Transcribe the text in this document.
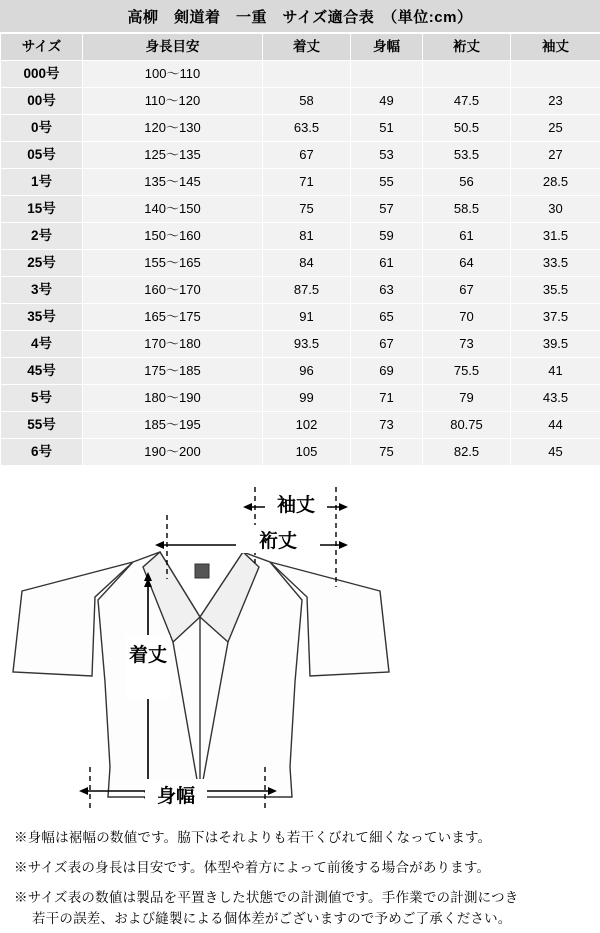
高柳　剣道着　一重　サイズ適合表　（単位:cm）
サイズ	身長目安	着丈	身幅	裄丈	袖丈
000号	100〜110				
00号	110〜120	58	49	47.5	23
0号	120〜130	63.5	51	50.5	25
05号	125〜135	67	53	53.5	27
1号	135〜145	71	55	56	28.5
15号	140〜150	75	57	58.5	30
2号	150〜160	81	59	61	31.5
25号	155〜165	84	61	64	33.5
3号	160〜170	87.5	63	67	35.5
35号	165〜175	91	65	70	37.5
4号	170〜180	93.5	67	73	39.5
45号	175〜185	96	69	75.5	41
5号	180〜190	99	71	79	43.5
55号	185〜195	102	73	80.75	44
6号	190〜200	105	75	82.5	45
袖丈
裄丈
着丈
身幅

※身幅は裾幅の数値です。脇下はそれよりも若干くびれて細くなっています。

※サイズ表の身長は目安です。体型や着方によって前後する場合があります。

※サイズ表の数値は製品を平置きした状態での計測値です。手作業での計測につき
若干の誤差、および縫製による個体差がございますので予めご了承ください。
